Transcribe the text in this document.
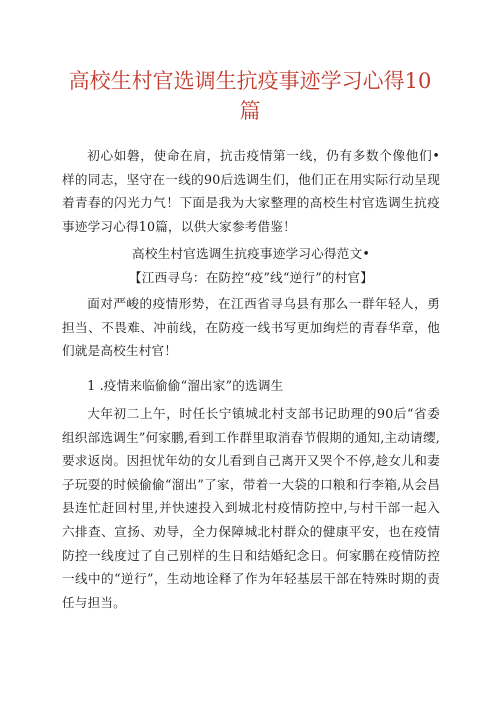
高校生村官选调生抗疫事迹学习心得10篇

初心如磐，使命在肩，抗击疫情第一线，仍有多数个像他们•样的同志，坚守在一线的90后选调生们，他们正在用实际行动呈现着青春的闪光力气！下面是我为大家整理的高校生村官选调生抗疫事迹学习心得10篇，以供大家参考借鉴！

高校生村官选调生抗疫事迹学习心得范文•

【江西寻乌：在防控“疫”线“逆行”的村官】

面对严峻的疫情形势，在江西省寻乌县有那么一群年轻人，勇担当、不畏难、冲前线，在防疫一线书写更加绚烂的青春华章，他们就是高校生村官！

1 .疫情来临偷偷“溜出家”的选调生

大年初二上午，时任长宁镇城北村支部书记助理的90后“省委组织部选调生”何家鹏,看到工作群里取消春节假期的通知,主动请缨,要求返岗。因担忧年幼的女儿看到自己离开又哭个不停,趁女儿和妻子玩耍的时候偷偷“溜出”了家，带着一大袋的口粮和行李箱,从会昌县连忙赶回村里,并快速投入到城北村疫情防控中,与村干部一起入六排查、宣扬、劝导，全力保障城北村群众的健康平安，也在疫情防控一线度过了自己别样的生日和结婚纪念日。何家鹏在疫情防控一线中的“逆行”，生动地诠释了作为年轻基层干部在特殊时期的责任与担当。
